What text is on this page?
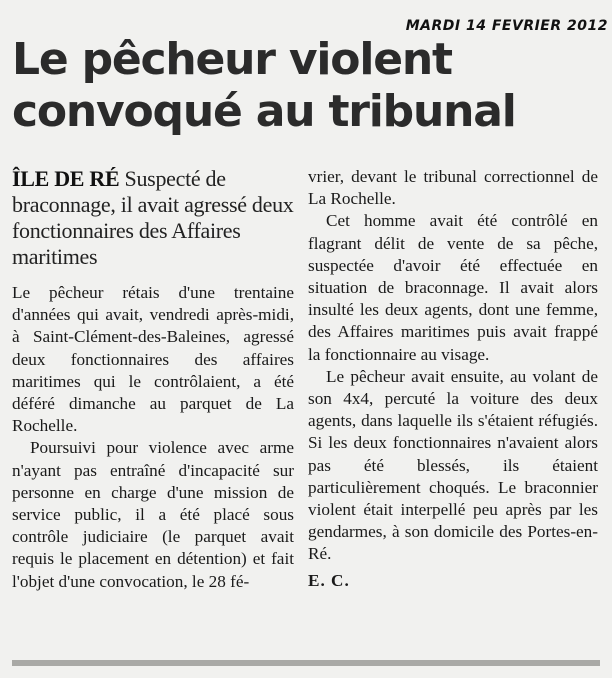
MARDI 14 FEVRIER 2012
Le pêcheur violent convoqué au tribunal
ÎLE DE RÉ Suspecté de braconnage, il avait agressé deux fonctionnaires des Affaires maritimes

Le pêcheur rétais d'une trentaine d'années qui avait, vendredi après-midi, à Saint-Clément-des-Baleines, agressé deux fonctionnaires des affaires maritimes qui le contrôlaient, a été déféré dimanche au parquet de La Rochelle.

Poursuivi pour violence avec arme n'ayant pas entraîné d'incapacité sur personne en charge d'une mission de service public, il a été placé sous contrôle judiciaire (le parquet avait requis le placement en détention) et fait l'objet d'une convocation, le 28 fé-

vrier, devant le tribunal correctionnel de La Rochelle.

Cet homme avait été contrôlé en flagrant délit de vente de sa pêche, suspectée d'avoir été effectuée en situation de braconnage. Il avait alors insulté les deux agents, dont une femme, des Affaires maritimes puis avait frappé la fonctionnaire au visage.

Le pêcheur avait ensuite, au volant de son 4x4, percuté la voiture des deux agents, dans laquelle ils s'étaient réfugiés. Si les deux fonctionnaires n'avaient alors pas été blessés, ils étaient particulièrement choqués. Le braconnier violent était interpellé peu après par les gendarmes, à son domicile des Portes-en-Ré.

E. C.
